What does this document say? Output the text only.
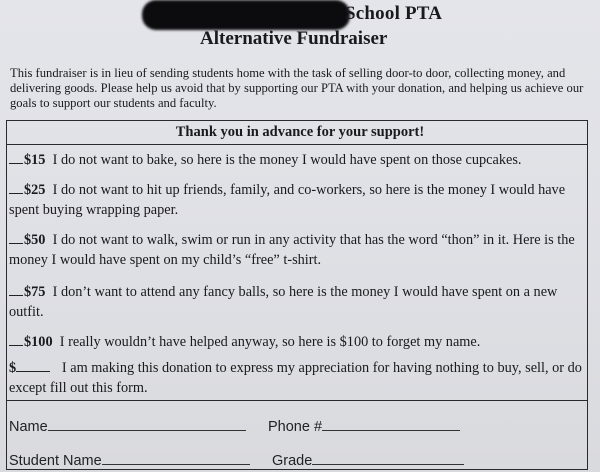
School PTA
Alternative Fundraiser
This fundraiser is in lieu of sending students home with the task of selling door-to door, collecting money, and delivering goods. Please help us avoid that by supporting our PTA with your donation, and helping us achieve our goals to support our students and faculty.
Thank you in advance for your support!
$15 I do not want to bake, so here is the money I would have spent on those cupcakes.
$25 I do not want to hit up friends, family, and co-workers, so here is the money I would have spent buying wrapping paper.
$50 I do not want to walk, swim or run in any activity that has the word “thon” in it. Here is the money I would have spent on my child’s “free” t-shirt.
$75 I don’t want to attend any fancy balls, so here is the money I would have spent on a new outfit.
$100 I really wouldn’t have helped anyway, so here is $100 to forget my name.
$	I am making this donation to express my appreciation for having nothing to buy, sell, or do except fill out this form.
Name	Phone #
Student Name	Grade
